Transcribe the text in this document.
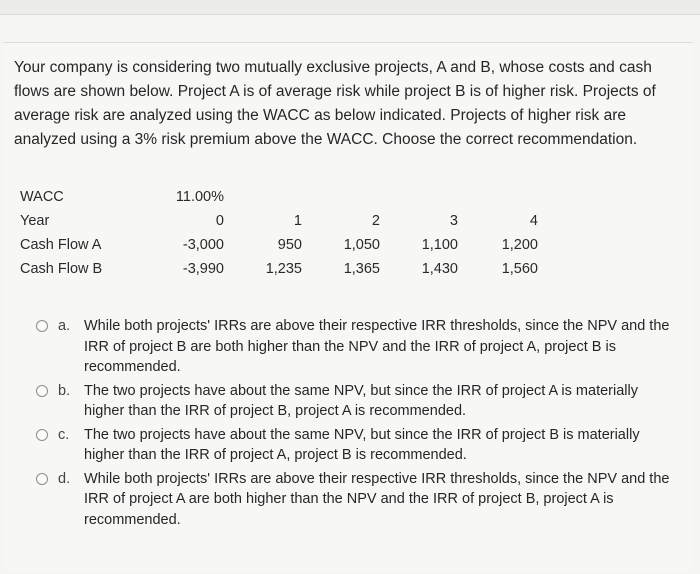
Your company is considering two mutually exclusive projects, A and B, whose costs and cash flows are shown below. Project A is of average risk while project B is of higher risk. Projects of average risk are analyzed using the WACC as below indicated. Projects of higher risk are analyzed using a 3% risk premium above the WACC. Choose the correct recommendation.

WACC	11.00%				
Year	0	1	2	3	4
Cash Flow A	-3,000	950	1,050	1,100	1,200
Cash Flow B	-3,990	1,235	1,365	1,430	1,560
a. While both projects' IRRs are above their respective IRR thresholds, since the NPV and the IRR of project B are both higher than the NPV and the IRR of project A, project B is recommended.
b. The two projects have about the same NPV, but since the IRR of project A is materially higher than the IRR of project B, project A is recommended.
c. The two projects have about the same NPV, but since the IRR of project B is materially higher than the IRR of project A, project B is recommended.
d. While both projects' IRRs are above their respective IRR thresholds, since the NPV and the IRR of project A are both higher than the NPV and the IRR of project B, project A is recommended.
